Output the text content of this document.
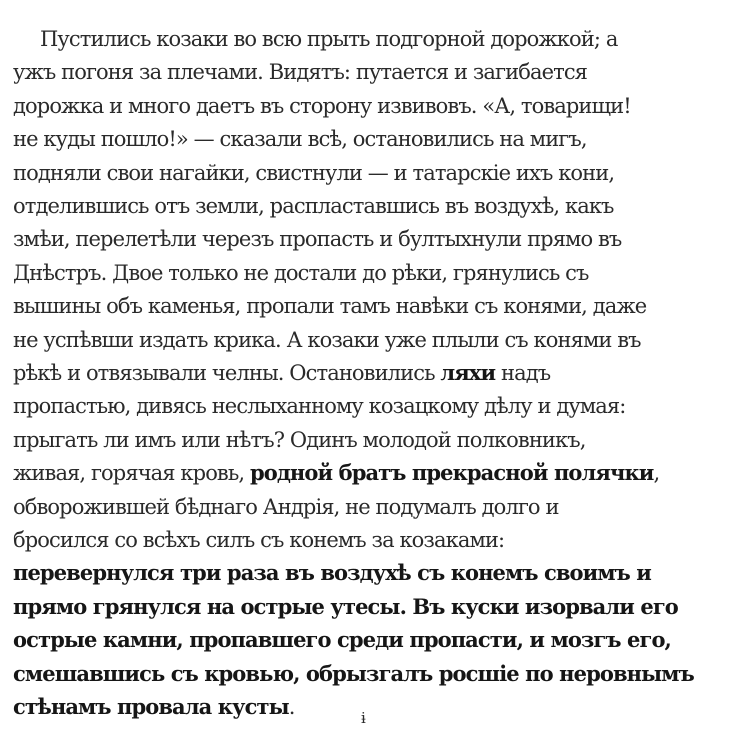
Пустились козаки во всю прыть подгорной дорожкой; а
ужъ погоня за плечами. Видятъ: путается и загибается
дорожка и много даетъ въ сторону извивовъ. «А, товарищи!
не куды пошло!» — сказали всѣ, остановились на мигъ,
подняли свои нагайки, свистнули — и татарскіе ихъ кони,
отделившись отъ земли, распластавшись въ воздухѣ, какъ
змѣи, перелетѣли черезъ пропасть и бултыхнули прямо въ
Днѣстръ. Двое только не достали до рѣки, грянулись съ
вышины объ каменья, пропали тамъ навѣки съ конями, даже
не успѣвши издать крика. А козаки уже плыли съ конями въ
рѣкѣ и отвязывали челны. Остановились ляхи надъ
пропастью, дивясь неслыханному козацкому дѣлу и думая:
прыгать ли имъ или нѣтъ? Одинъ молодой полковникъ,
живая, горячая кровь, родной братъ прекрасной полячки,
обворожившей бѣднаго Андрія, не подумалъ долго и
бросился со всѣхъ силъ съ конемъ за козаками:
перевернулся три раза въ воздухѣ съ конемъ своимъ и
прямо грянулся на острые утесы. Въ куски изорвали его
острые камни, пропавшего среди пропасти, и мозгъ его,
смешавшись съ кровью, обрызгалъ росшіе по неровнымъ
стѣнамъ провала кусты.	ɨ
